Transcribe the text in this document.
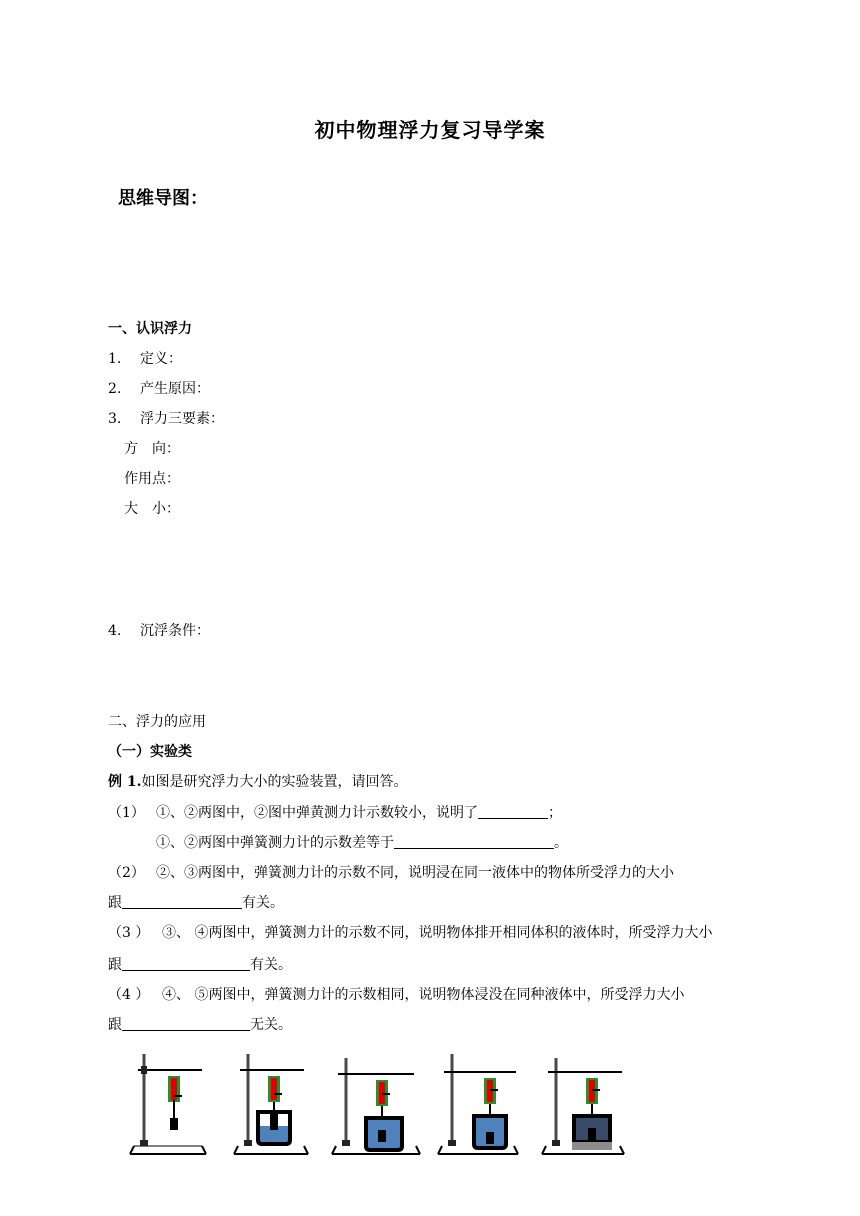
初中物理浮力复习导学案
思维导图：
一、认识浮力
1. 定义：
2. 产生原因：
3. 浮力三要素：
方　向：
作用点：
大　小：
4. 沉浮条件：
二、浮力的应用
（一）实验类
例 1.如图是研究浮力大小的实验装置，请回答。
（1） ①、②两图中，②图中弹黄测力计示数较小，说明了	；
①、②两图中弹簧测力计的示数差等于	。
（2） ②、③两图中，弹簧测力计的示数不同，说明浸在同一液体中的物体所受浮力的大小
跟	有关。
（3 ） ③、 ④两图中，弹簧测力计的示数不同，说明物体排开相同体积的液体时，所受浮力大小
跟	有关。
（4 ） ④、 ⑤两图中，弹簧测力计的示数相同，说明物体浸没在同种液体中，所受浮力大小
跟	无关。
